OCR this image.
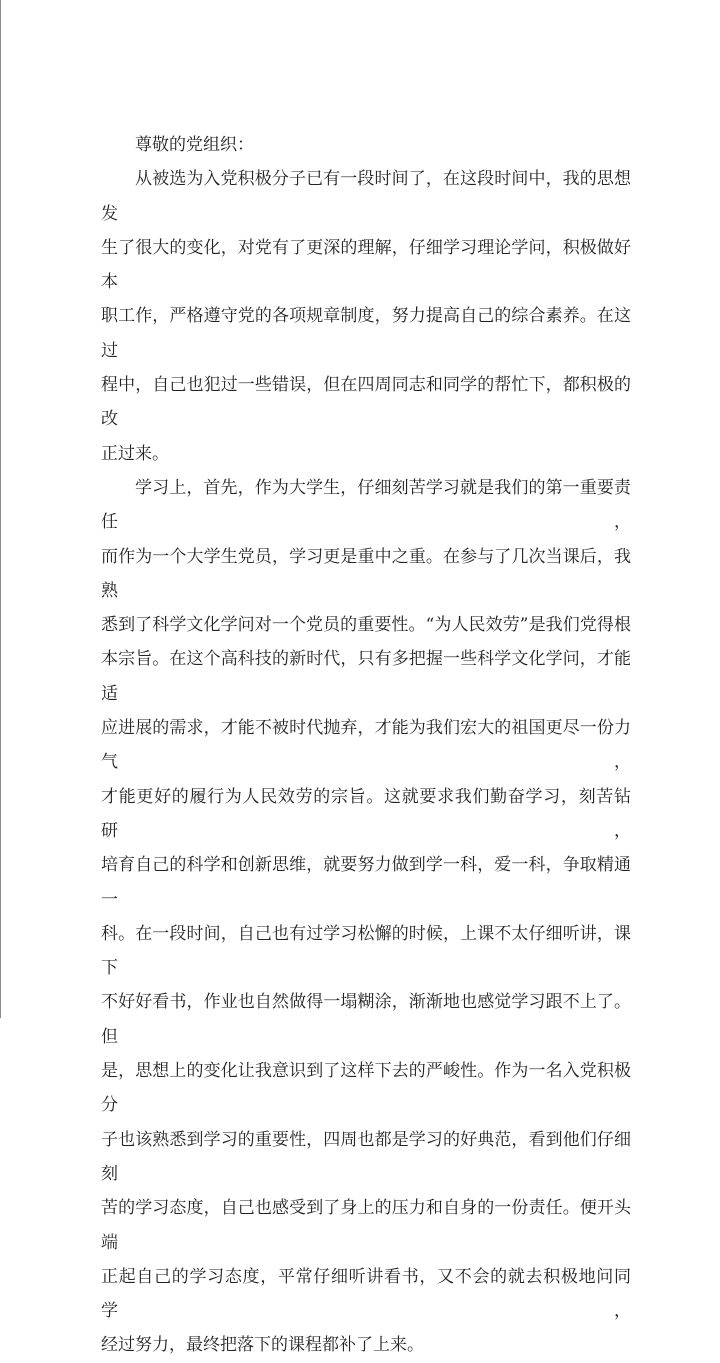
尊敬的党组织：

从被选为入党积极分子已有一段时间了，在这段时间中，我的思想发
生了很大的变化，对党有了更深的理解，仔细学习理论学问，积极做好本
职工作，严格遵守党的各项规章制度，努力提高自己的综合素养。在这过
程中，自己也犯过一些错误，但在四周同志和同学的帮忙下，都积极的改
正过来。

学习上，首先，作为大学生，仔细刻苦学习就是我们的第一重要责任，
而作为一个大学生党员，学习更是重中之重。在参与了几次当课后，我熟
悉到了科学文化学问对一个党员的重要性。“为人民效劳”是我们党得根
本宗旨。在这个高科技的新时代，只有多把握一些科学文化学问，才能适
应进展的需求，才能不被时代抛弃，才能为我们宏大的祖国更尽一份力气，
才能更好的履行为人民效劳的宗旨。这就要求我们勤奋学习，刻苦钻研，
培育自己的科学和创新思维，就要努力做到学一科，爱一科，争取精通一
科。在一段时间，自己也有过学习松懈的时候，上课不太仔细听讲，课下
不好好看书，作业也自然做得一塌糊涂，渐渐地也感觉学习跟不上了。但
是，思想上的变化让我意识到了这样下去的严峻性。作为一名入党积极分
子也该熟悉到学习的重要性，四周也都是学习的好典范，看到他们仔细刻
苦的学习态度，自己也感受到了身上的压力和自身的一份责任。便开头端
正起自己的学习态度，平常仔细听讲看书，又不会的就去积极地问同学，
经过努力，最终把落下的课程都补了上来。
